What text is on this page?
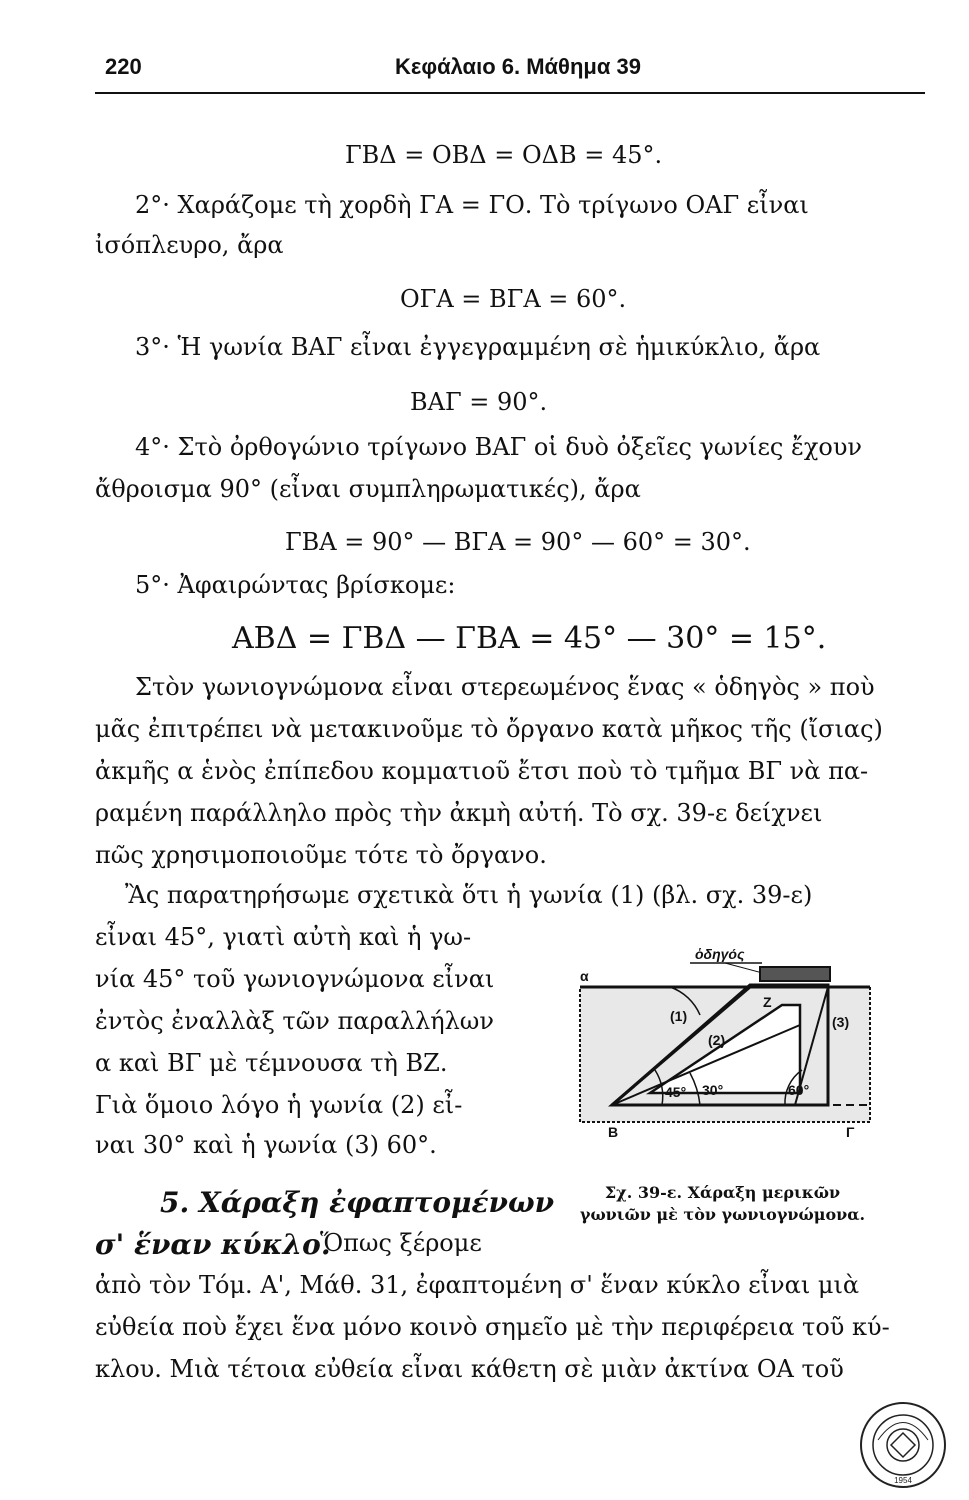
220	Κεφάλαιο 6. Μάθημα 39
ΓΒΔ = ΟΒΔ = ΟΔΒ = 45°.
2°· Χαράζομε τὴ χορδὴ ΓΑ = ΓΟ. Τὸ τρίγωνο ΟΑΓ εἶναι
ἰσόπλευρο, ἄρα
ΟΓΑ = ΒΓΑ = 60°.
3°· Ἡ γωνία ΒΑΓ εἶναι ἐγγεγραμμένη σὲ ἡμικύκλιο, ἄρα
ΒΑΓ = 90°.
4°· Στὸ ὀρθογώνιο τρίγωνο ΒΑΓ οἱ δυὸ ὀξεῖες γωνίες ἔχουν
ἄθροισμα 90° (εἶναι συμπληρωματικές), ἄρα
ΓΒΑ = 90° — ΒΓΑ = 90° — 60° = 30°.
5°· Ἀφαιρώντας βρίσκομε:
ΑΒΔ = ΓΒΔ — ΓΒΑ = 45° — 30° = 15°.
Στὸν γωνιογνώμονα εἶναι στερεωμένος ἕνας « ὁδηγὸς » ποὺ
μᾶς ἐπιτρέπει νὰ μετακινοῦμε τὸ ὄργανο κατὰ μῆκος τῆς (ἴσιας)
ἀκμῆς α ἑνὸς ἐπίπεδου κομματιοῦ ἔτσι ποὺ τὸ τμῆμα ΒΓ νὰ πα-
ραμένη παράλληλο πρὸς τὴν ἀκμὴ αὐτή. Τὸ σχ. 39-ε δείχνει
πῶς χρησιμοποιοῦμε τότε τὸ ὄργανο.
Ἂς παρατηρήσωμε σχετικὰ ὅτι ἡ γωνία (1) (βλ. σχ. 39-ε)
εἶναι 45°, γιατὶ αὐτὴ καὶ ἡ γω-
νία 45° τοῦ γωνιογνώμονα εἶναι
ἐντὸς ἐναλλὰξ τῶν παραλλήλων
α καὶ ΒΓ μὲ τέμνουσα τὴ ΒΖ.
Γιὰ ὅμοιο λόγο ἡ γωνία (2) εἶ-
ναι 30° καὶ ἡ γωνία (3) 60°.
ὁδηγός
α
Z
(1)
(2)
(3)
45° 30°	60°
Β	Γ
Σχ. 39-ε. Χάραξη μερικῶν
γωνιῶν μὲ τὸν γωνιογνώμονα.
5. Χάραξη ἐφαπτομένων
σ' ἕναν κύκλο.
Ὅπως ξέρομε
ἀπὸ τὸν Τόμ. Α', Μάθ. 31, ἐφαπτομένη σ' ἕναν κύκλο εἶναι μιὰ
εὐθεία ποὺ ἔχει ἕνα μόνο κοινὸ σημεῖο μὲ τὴν περιφέρεια τοῦ κύ-
κλου. Μιὰ τέτοια εὐθεία εἶναι κάθετη σὲ μιὰν ἀκτίνα ΟΑ τοῦ
1954
